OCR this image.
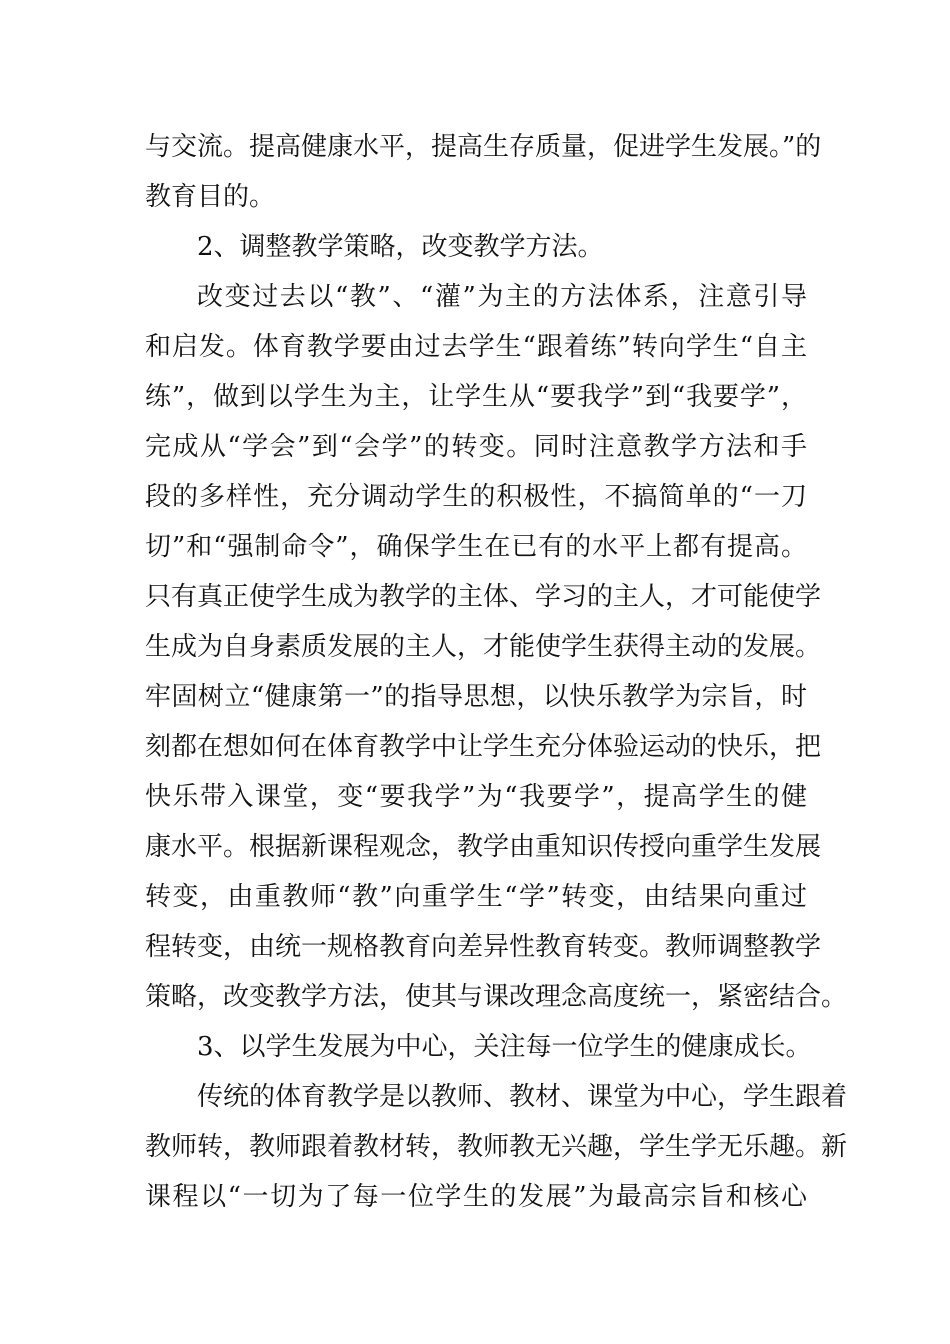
与交流。提高健康水平，提高生存质量，促进学生发展。”的

教育目的。

2、调整教学策略，改变教学方法。

改变过去以“教”、“灌”为主的方法体系，注意引导

和启发。体育教学要由过去学生“跟着练”转向学生“自主

练”，做到以学生为主，让学生从“要我学”到“我要学”，

完成从“学会”到“会学”的转变。同时注意教学方法和手

段的多样性，充分调动学生的积极性，不搞简单的“一刀

切”和“强制命令”，确保学生在已有的水平上都有提高。

只有真正使学生成为教学的主体、学习的主人，才可能使学

生成为自身素质发展的主人，才能使学生获得主动的发展。

牢固树立“健康第一”的指导思想，以快乐教学为宗旨，时

刻都在想如何在体育教学中让学生充分体验运动的快乐，把

快乐带入课堂，变“要我学”为“我要学”，提高学生的健

康水平。根据新课程观念，教学由重知识传授向重学生发展

转变，由重教师“教”向重学生“学”转变，由结果向重过

程转变，由统一规格教育向差异性教育转变。教师调整教学

策略，改变教学方法，使其与课改理念高度统一，紧密结合。

3、以学生发展为中心，关注每一位学生的健康成长。

传统的体育教学是以教师、教材、课堂为中心，学生跟着

教师转，教师跟着教材转，教师教无兴趣，学生学无乐趣。新

课程以“一切为了每一位学生的发展”为最高宗旨和核心
